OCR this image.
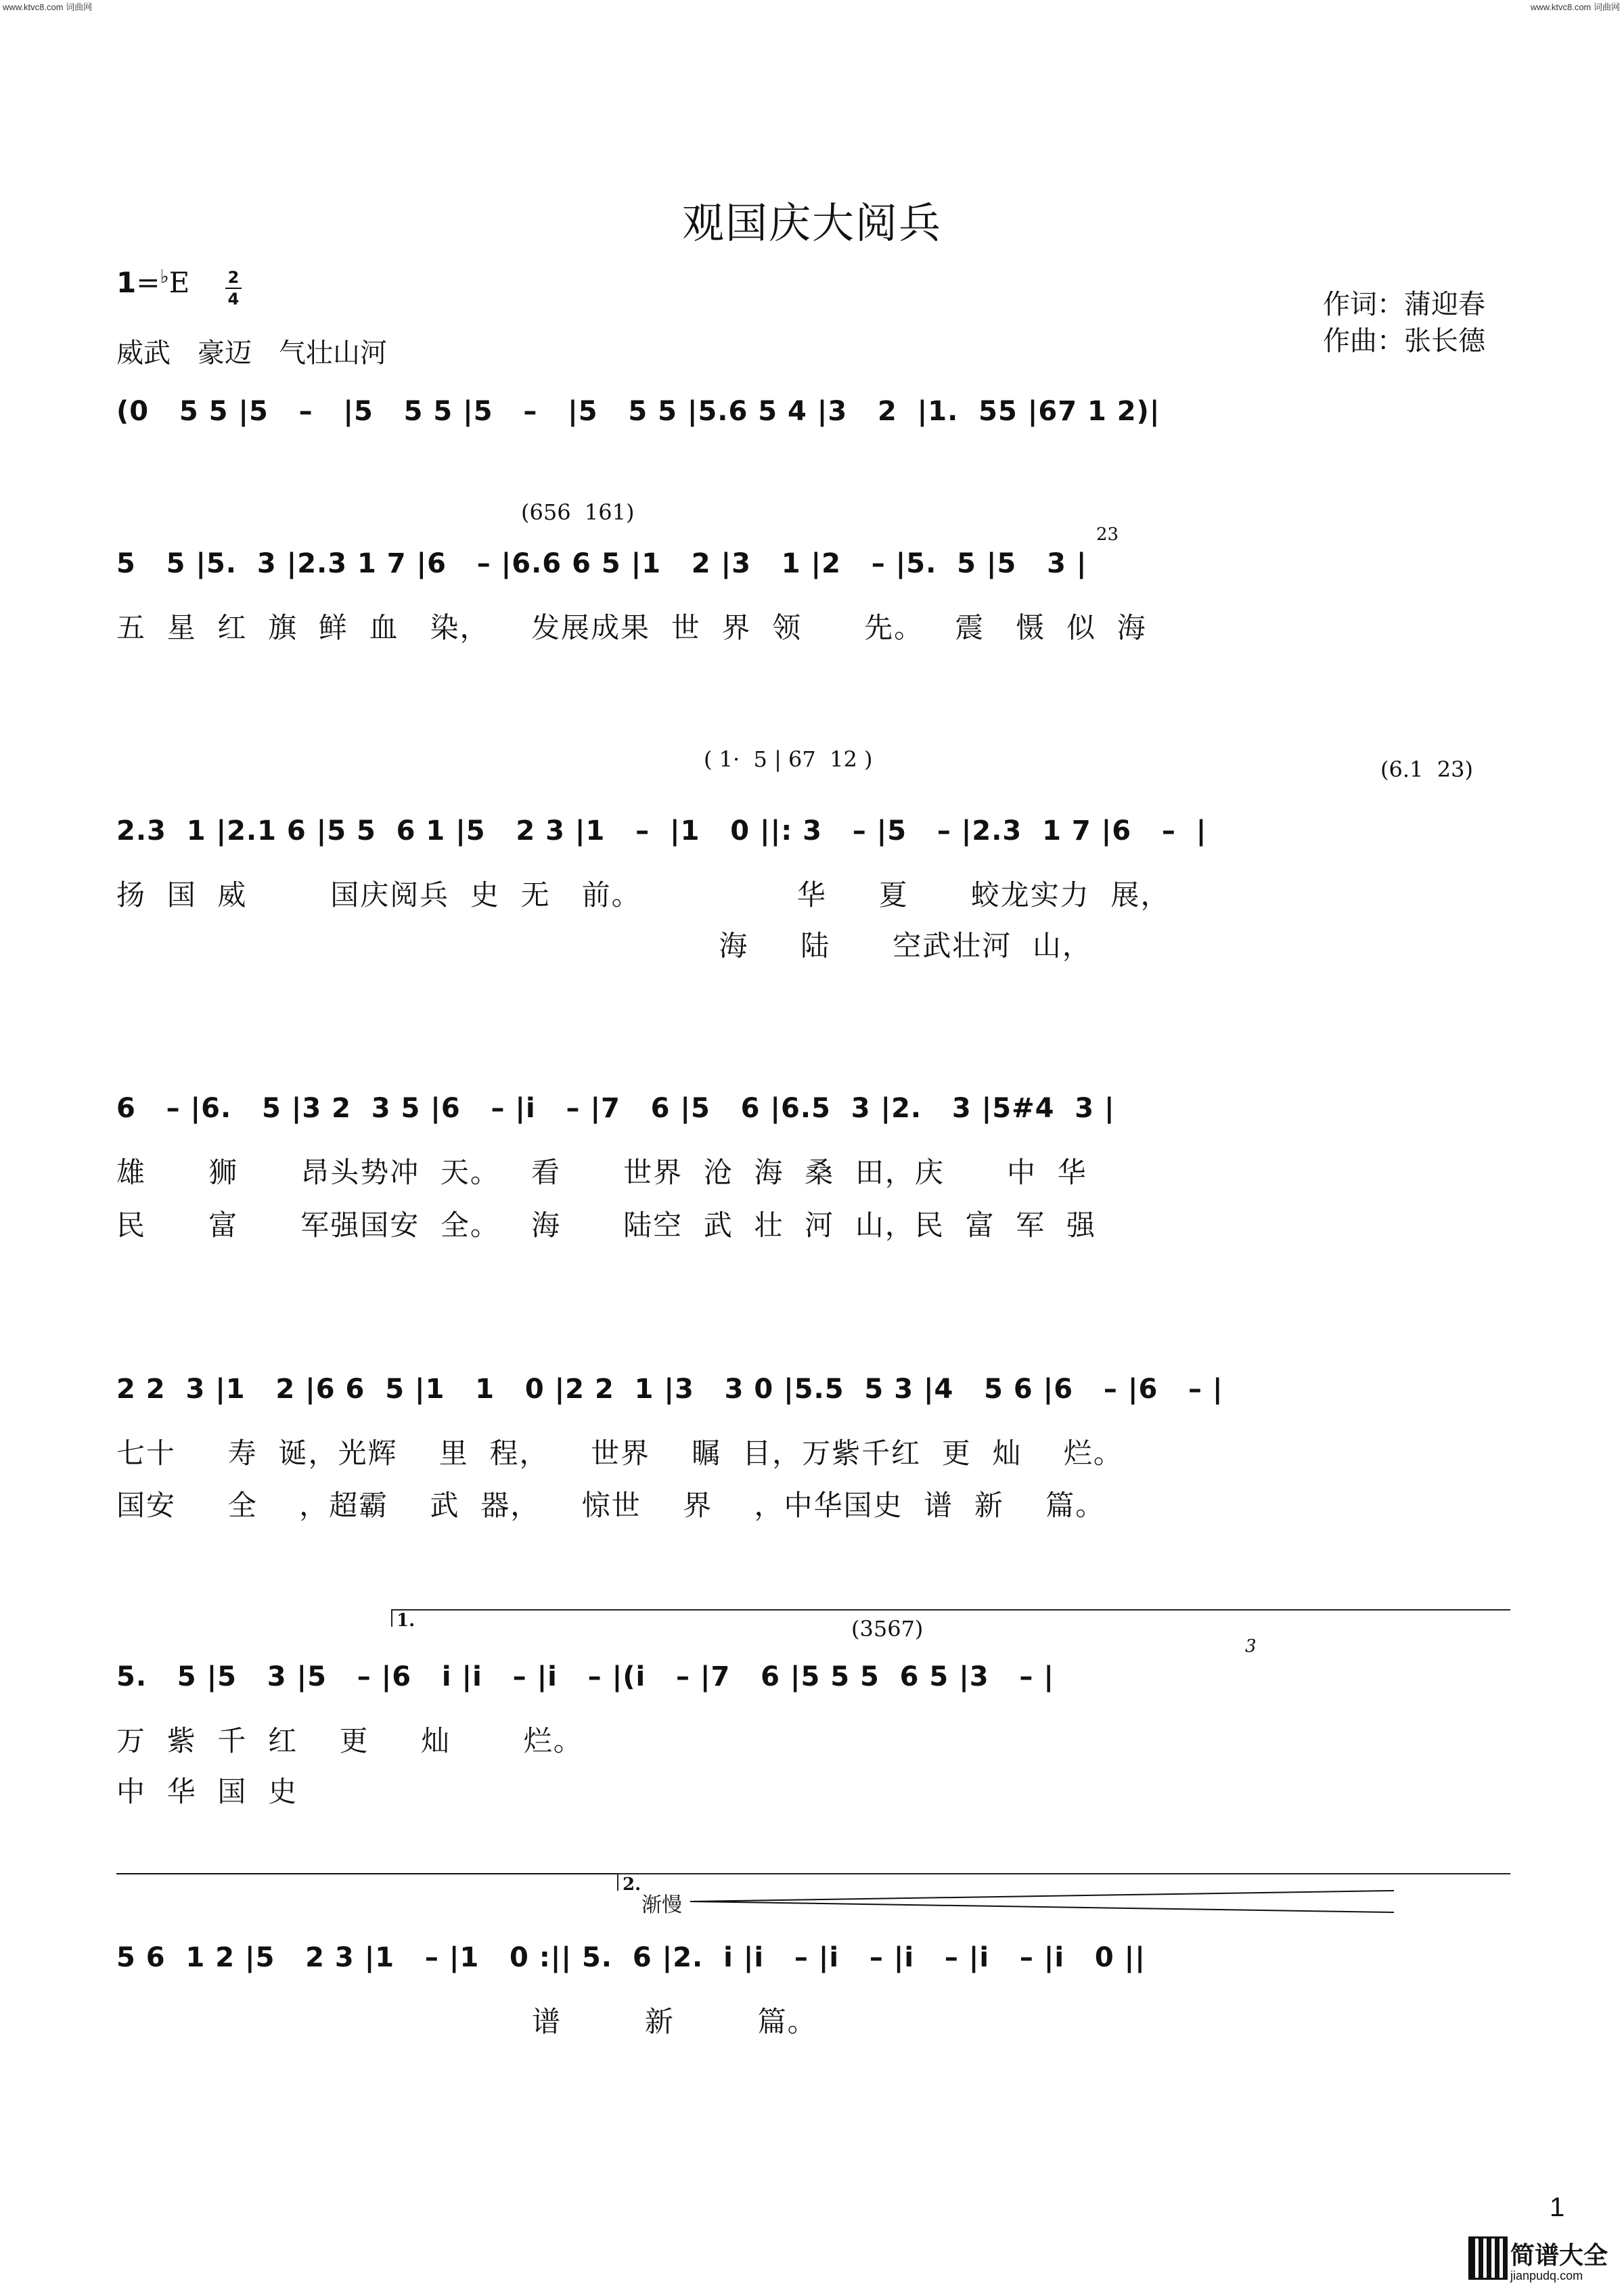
www.ktvc8.com 词曲网	www.ktvc8.com 词曲网
观国庆大阅兵
1=♭E 2
4	作词：蒲迎春
作曲：张长德
威武　豪迈　气壮山河
(0   5 5 |5   –   |5   5 5 |5   –   |5   5 5 |5.6 5 4 |3   2  |1.  55 |67 1 2)|
(656  161)
23
5   5 |5.  3 |2.3 1 7 |6   – |6.6 6 5 |1   2 |3   1 |2   – |5.  5 |5   3 |
五  星  红  旗  鲜  血   染，    发展成果  世  界  领      先。   震   慑  似  海
( 1·  5 | 67  12 )	(6.1  23)
2.3  1 |2.1 6 |5 5  6 1 |5   2 3 |1   –  |1   0 ||: 3   – |5   – |2.3  1 7 |6   –  |
扬  国  威        国庆阅兵  史  无   前。               华     夏      蛟龙实力  展，
海     陆      空武壮河  山，
6   – |6.   5 |3 2  3 5 |6   – |i   – |7   6 |5   6 |6.5  3 |2.   3 |5#4  3 |
雄      狮      昂头势冲  天。   看      世界  沧  海  桑  田，庆      中  华
民      富      军强国安  全。   海      陆空  武  壮  河  山，民  富  军  强
2 2  3 |1   2 |6 6  5 |1   1   0 |2 2  1 |3   3 0 |5.5  5 3 |4   5 6 |6   – |6   – |
七十     寿  诞，光辉    里  程，    世界    瞩  目，万紫千红  更  灿    烂。
国安     全    ，超霸    武  器，    惊世    界    ，中华国史  谱  新    篇。
1.	(3567)
3
5.   5 |5   3 |5   – |6   i |i   – |i   – |(i   – |7   6 |5 5 5  6 5 |3   – |
万  紫  千  红    更     灿       烂。
中  华  国  史
2.
渐慢
5 6  1 2 |5   2 3 |1   – |1   0 :|| 5.  6 |2.  i |i   – |i   – |i   – |i   – |i   0 ||
谱        新        篇。
1
简谱大全
jianpudq.com
